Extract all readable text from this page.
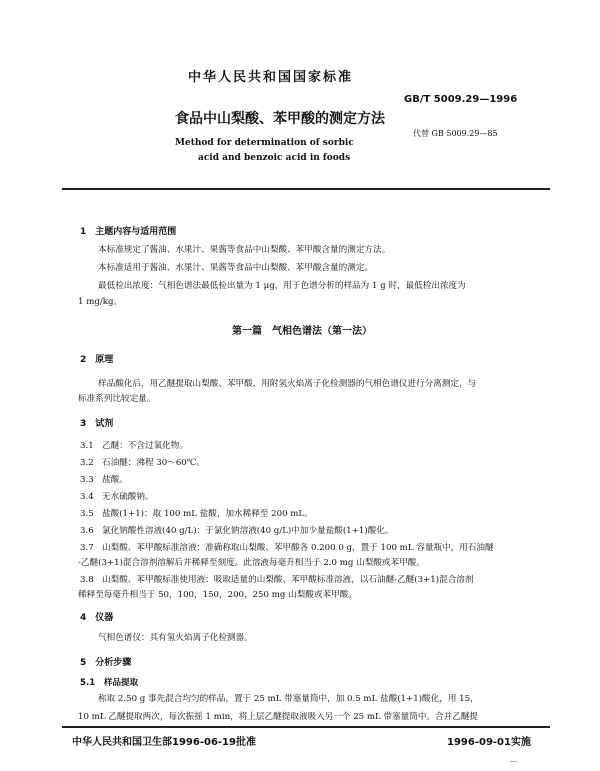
中华人民共和国国家标准
GB/T 5009.29—1996
食品中山梨酸、苯甲酸的测定方法
代替 GB 5009.29—85
Method for determination of sorbic
acid and benzoic acid in foods
1　主题内容与适用范围
本标准规定了酱油、水果汁、果酱等食品中山梨酸、苯甲酸含量的测定方法。
本标准适用于酱油、水果汁、果酱等食品中山梨酸、苯甲酸含量的测定。
最低检出浓度：气相色谱法最低检出量为 1 μg，用于色谱分析的样品为 1 g 时，最低检出浓度为
1 mg/kg。
第一篇　气相色谱法（第一法）
2　原理
样品酸化后，用乙醚提取山梨酸、苯甲酸，用附氢火焰离子化检测器的气相色谱仪进行分离测定，与
标准系列比较定量。
3　试剂
3.1 乙醚：不含过氧化物。
3.2 石油醚：沸程 30～60℃。
3.3 盐酸。
3.4 无水硫酸钠。
3.5 盐酸(1+1)：取 100 mL 盐酸，加水稀释至 200 mL。
3.6 氯化钠酸性溶液(40 g/L)：于氯化钠溶液(40 g/L)中加少量盐酸(1+1)酸化。
3.7 山梨酸、苯甲酸标准溶液：准确称取山梨酸、苯甲酸各 0.200 0 g，置于 100 mL 容量瓶中，用石油醚
-乙醚(3+1)混合溶剂溶解后并稀释至刻度。此溶液每毫升相当于 2.0 mg 山梨酸或苯甲酸。
3.8 山梨酸、苯甲酸标准使用液：吸取适量的山梨酸、苯甲酸标准溶液，以石油醚-乙醚(3+1)混合溶剂
稀释至每毫升相当于 50，100，150，200，250 mg 山梨酸或苯甲酸。
4　仪器
气相色谱仪：具有氢火焰离子化检测器。
5　分析步骤
5.1　样品提取
称取 2.50 g 事先混合均匀的样品，置于 25 mL 带塞量筒中，加 0.5 mL 盐酸(1+1)酸化，用 15，
10 mL 乙醚提取两次，每次振摇 1 min，将上层乙醚提取液吸入另一个 25 mL 带塞量筒中。合并乙醚提
中华人民共和国卫生部1996-06-19批准	1996-09-01实施
—
